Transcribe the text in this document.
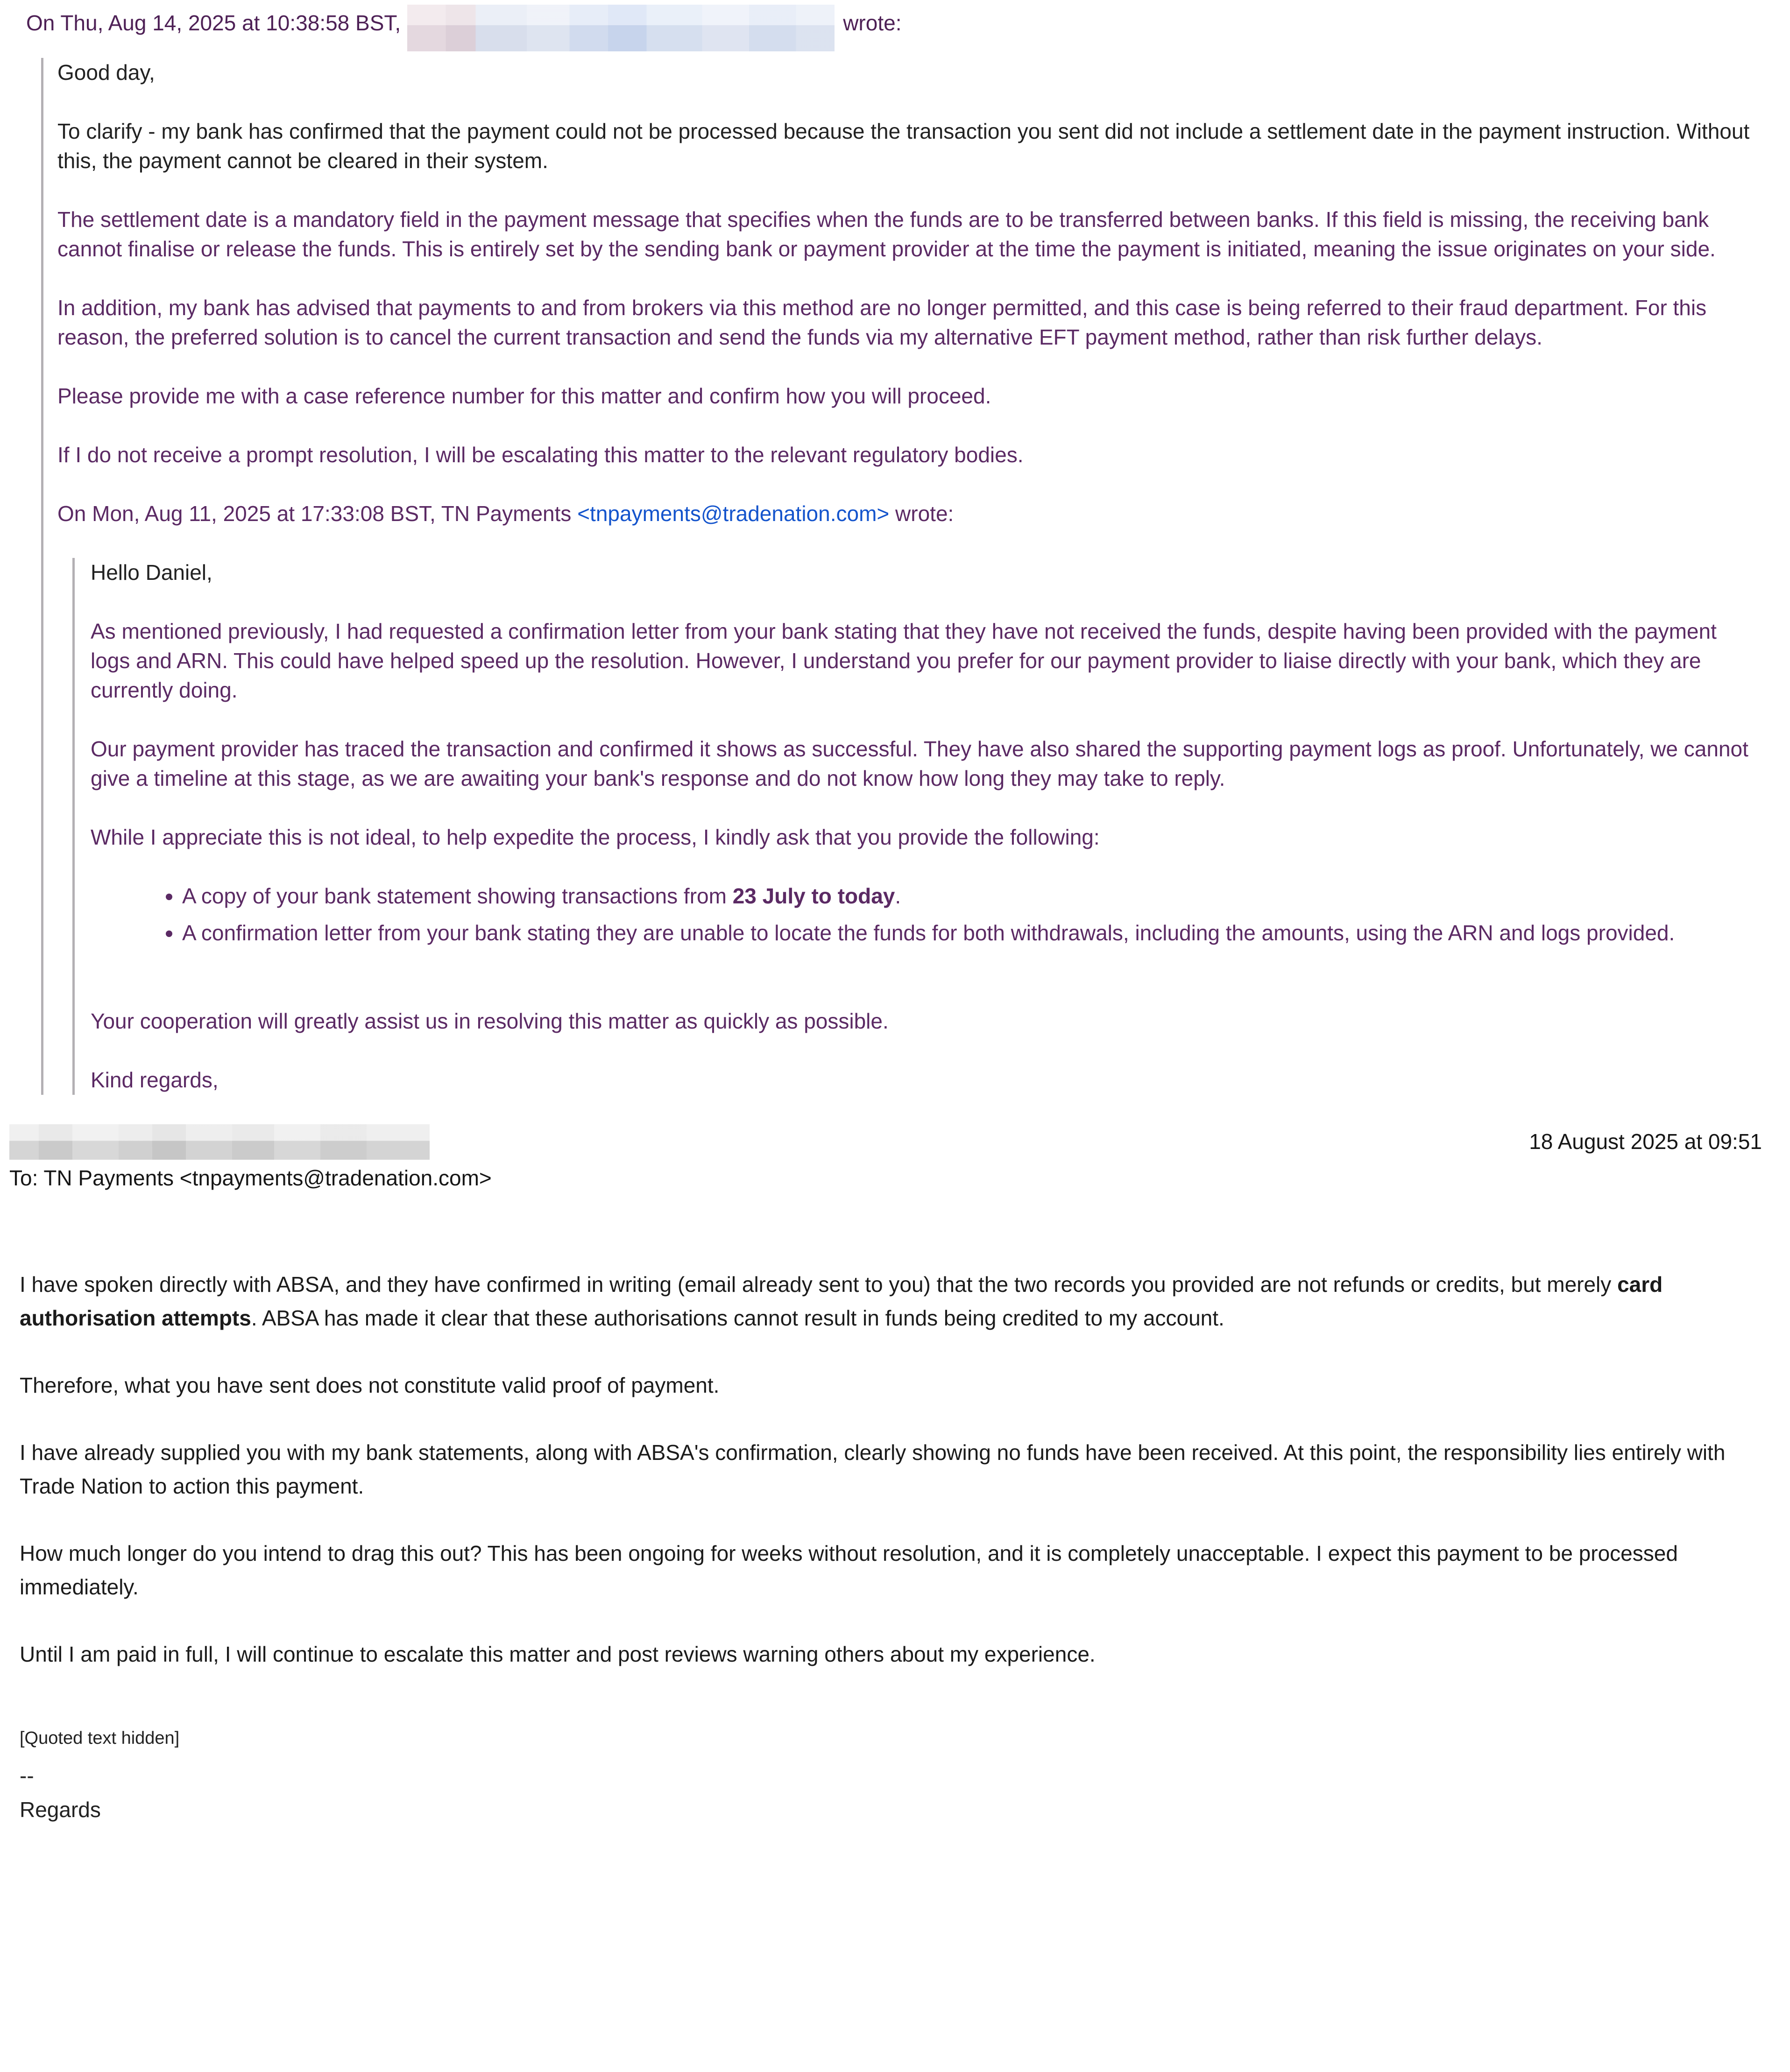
On Thu, Aug 14, 2025 at 10:38:58 BST,	wrote:

Good day,

To clarify - my bank has confirmed that the payment could not be processed because the transaction you sent did not include a settlement date in the payment instruction. Without this, the payment cannot be cleared in their system.

The settlement date is a mandatory field in the payment message that specifies when the funds are to be transferred between banks. If this field is missing, the receiving bank cannot finalise or release the funds. This is entirely set by the sending bank or payment provider at the time the payment is initiated, meaning the issue originates on your side.

In addition, my bank has advised that payments to and from brokers via this method are no longer permitted, and this case is being referred to their fraud department. For this reason, the preferred solution is to cancel the current transaction and send the funds via my alternative EFT payment method, rather than risk further delays.

Please provide me with a case reference number for this matter and confirm how you will proceed.

If I do not receive a prompt resolution, I will be escalating this matter to the relevant regulatory bodies.

On Mon, Aug 11, 2025 at 17:33:08 BST, TN Payments <tnpayments@tradenation.com> wrote:

Hello Daniel,

As mentioned previously, I had requested a confirmation letter from your bank stating that they have not received the funds, despite having been provided with the payment logs and ARN. This could have helped speed up the resolution. However, I understand you prefer for our payment provider to liaise directly with your bank, which they are currently doing.

Our payment provider has traced the transaction and confirmed it shows as successful. They have also shared the supporting payment logs as proof. Unfortunately, we cannot give a timeline at this stage, as we are awaiting your bank's response and do not know how long they may take to reply.

While I appreciate this is not ideal, to help expedite the process, I kindly ask that you provide the following:

• A copy of your bank statement showing transactions from 23 July to today.
• A confirmation letter from your bank stating they are unable to locate the funds for both withdrawals, including the amounts, using the ARN and logs provided.

Your cooperation will greatly assist us in resolving this matter as quickly as possible.

Kind regards,

18 August 2025 at 09:51
To: TN Payments <tnpayments@tradenation.com>

I have spoken directly with ABSA, and they have confirmed in writing (email already sent to you) that the two records you provided are not refunds or credits, but merely card authorisation attempts. ABSA has made it clear that these authorisations cannot result in funds being credited to my account.

Therefore, what you have sent does not constitute valid proof of payment.

I have already supplied you with my bank statements, along with ABSA's confirmation, clearly showing no funds have been received. At this point, the responsibility lies entirely with Trade Nation to action this payment.

How much longer do you intend to drag this out? This has been ongoing for weeks without resolution, and it is completely unacceptable. I expect this payment to be processed immediately.

Until I am paid in full, I will continue to escalate this matter and post reviews warning others about my experience.

[Quoted text hidden]
--
Regards
